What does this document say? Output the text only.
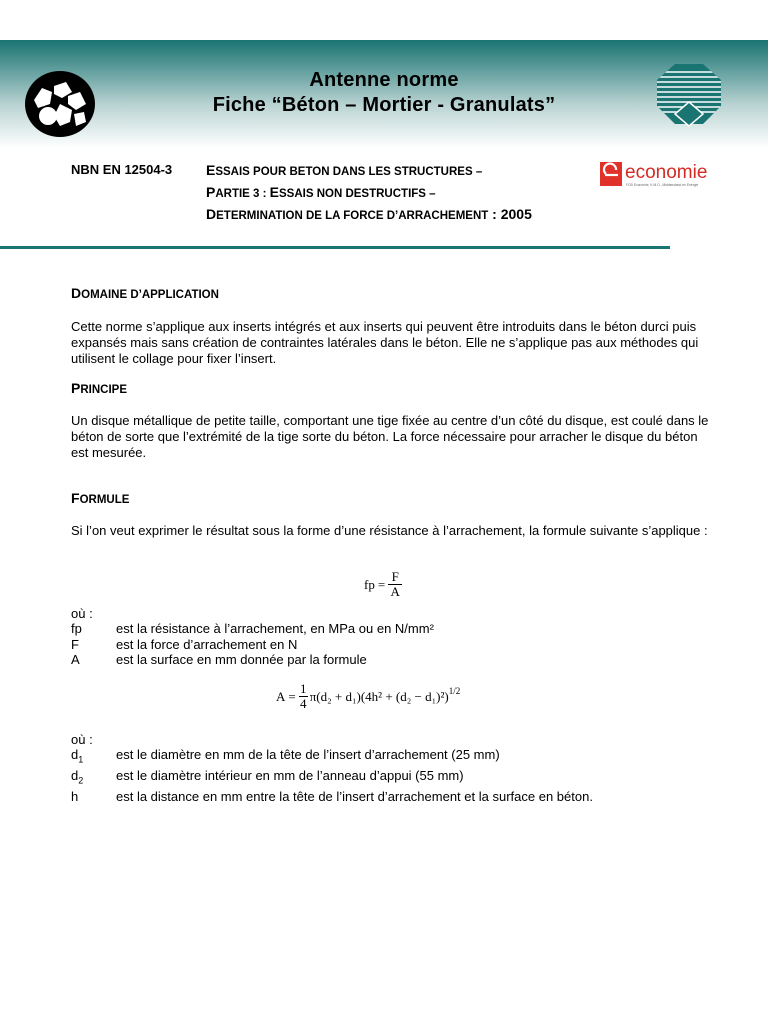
Antenne norme
Fiche “Béton – Mortier - Granulats”
NBN EN 12504-3 ESSAIS POUR BETON DANS LES STRUCTURES –
PARTIE 3 : ESSAIS NON DESTRUCTIFS –
DETERMINATION DE LA FORCE D’ARRACHEMENT : 2005
economie
FOD Economie, K.M.O., Middenstand en Energie
DOMAINE D’APPLICATION
Cette norme s’applique aux inserts intégrés et aux inserts qui peuvent être introduits dans le béton durci puis expansés mais sans création de contraintes latérales dans le béton. Elle ne s’applique pas aux méthodes qui utilisent le collage pour fixer l’insert.
PRINCIPE
Un disque métallique de petite taille, comportant une tige fixée au centre d’un côté du disque, est coulé dans le béton de sorte que l’extrémité de la tige sorte du béton. La force nécessaire pour arracher le disque du béton est mesurée.
FORMULE
Si l’on veut exprimer le résultat sous la forme d’une résistance à l’arrachement, la formule suivante s’applique :
fp = F
A
où :
fp	est la résistance à l’arrachement, en MPa ou en N/mm²
F	est la force d’arrachement en N
A	est la surface en mm donnée par la formule
A = 1
4 $\pi(d_2 + d_1)(4h^2 + (d_2 - d_1)^2)^{1/2}$
où :
$d_1$	est le diamètre en mm de la tête de l’insert d’arrachement (25 mm)
$d_2$	est le diamètre intérieur en mm de l’anneau d’appui (55 mm)
h	est la distance en mm entre la tête de l’insert d’arrachement et la surface en béton.
